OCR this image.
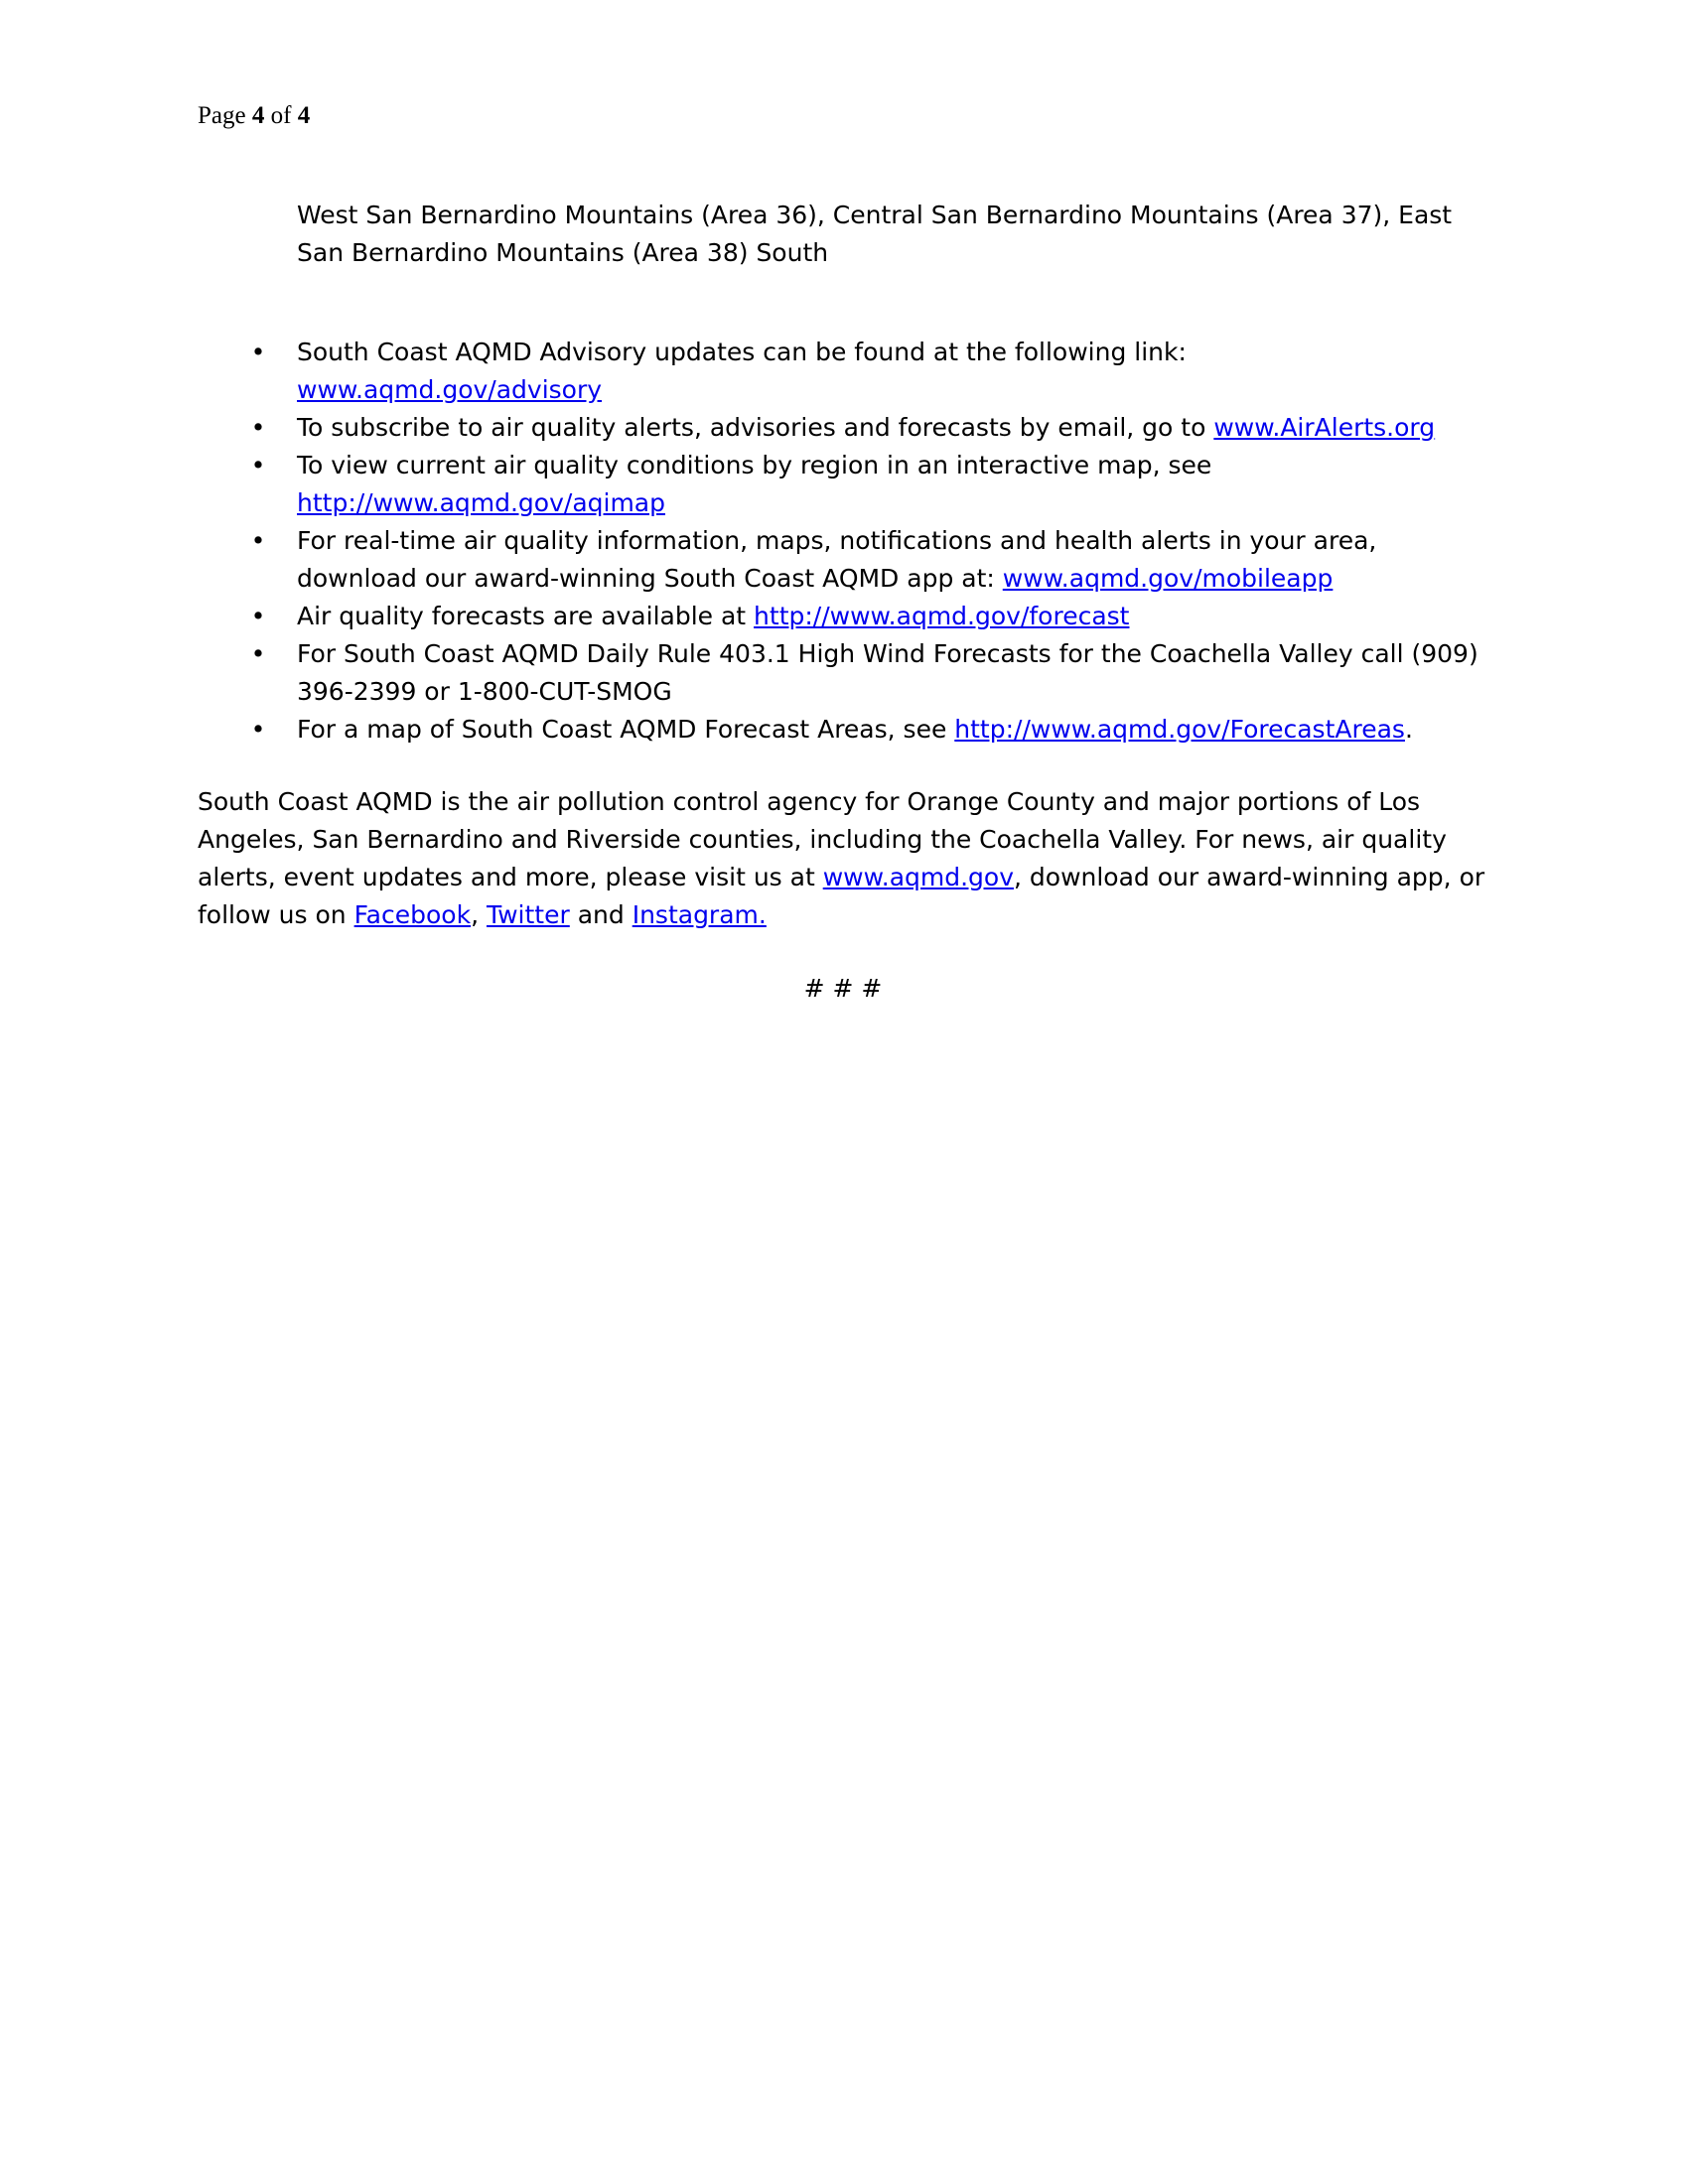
Page 4 of 4

West San Bernardino Mountains (Area 36), Central San Bernardino Mountains (Area 37), East San Bernardino Mountains (Area 38) South

• South Coast AQMD Advisory updates can be found at the following link: www.aqmd.gov/advisory
• To subscribe to air quality alerts, advisories and forecasts by email, go to www.AirAlerts.org
• To view current air quality conditions by region in an interactive map, see http://www.aqmd.gov/aqimap
• For real-time air quality information, maps, notifications and health alerts in your area, download our award-winning South Coast AQMD app at: www.aqmd.gov/mobileapp
• Air quality forecasts are available at http://www.aqmd.gov/forecast
• For South Coast AQMD Daily Rule 403.1 High Wind Forecasts for the Coachella Valley call (909) 396-2399 or 1-800-CUT-SMOG
• For a map of South Coast AQMD Forecast Areas, see http://www.aqmd.gov/ForecastAreas.

South Coast AQMD is the air pollution control agency for Orange County and major portions of Los Angeles, San Bernardino and Riverside counties, including the Coachella Valley. For news, air quality alerts, event updates and more, please visit us at www.aqmd.gov, download our award-winning app, or follow us on Facebook, Twitter and Instagram.

# # #
